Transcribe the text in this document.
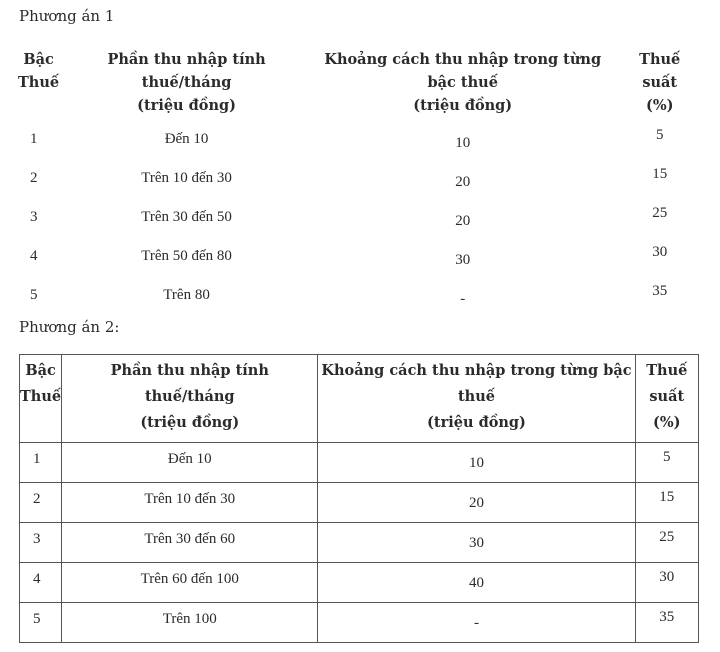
Phương án 1
Bậc
Thuế

Phần thu nhập tính thuế/tháng
(triệu đồng)

Khoảng cách thu nhập trong từng bậc thuế
(triệu đồng)

Thuế suất
(%)

1	Đến 10	10	5
2	Trên 10 đến 30	20	15
3	Trên 30 đến 50	20	25
4	Trên 50 đến 80	30	30
5	Trên 80	-	35
Phương án 2:
Bậc
Thuế

Phần thu nhập tính thuế/tháng
(triệu đồng)

Khoảng cách thu nhập trong từng bậc thuế
(triệu đồng)

Thuế
suất
(%)

1	Đến 10	10	5
2	Trên 10 đến 30	20	15
3	Trên 30 đến 60	30	25
4	Trên 60 đến 100	40	30
5	Trên 100	-	35
